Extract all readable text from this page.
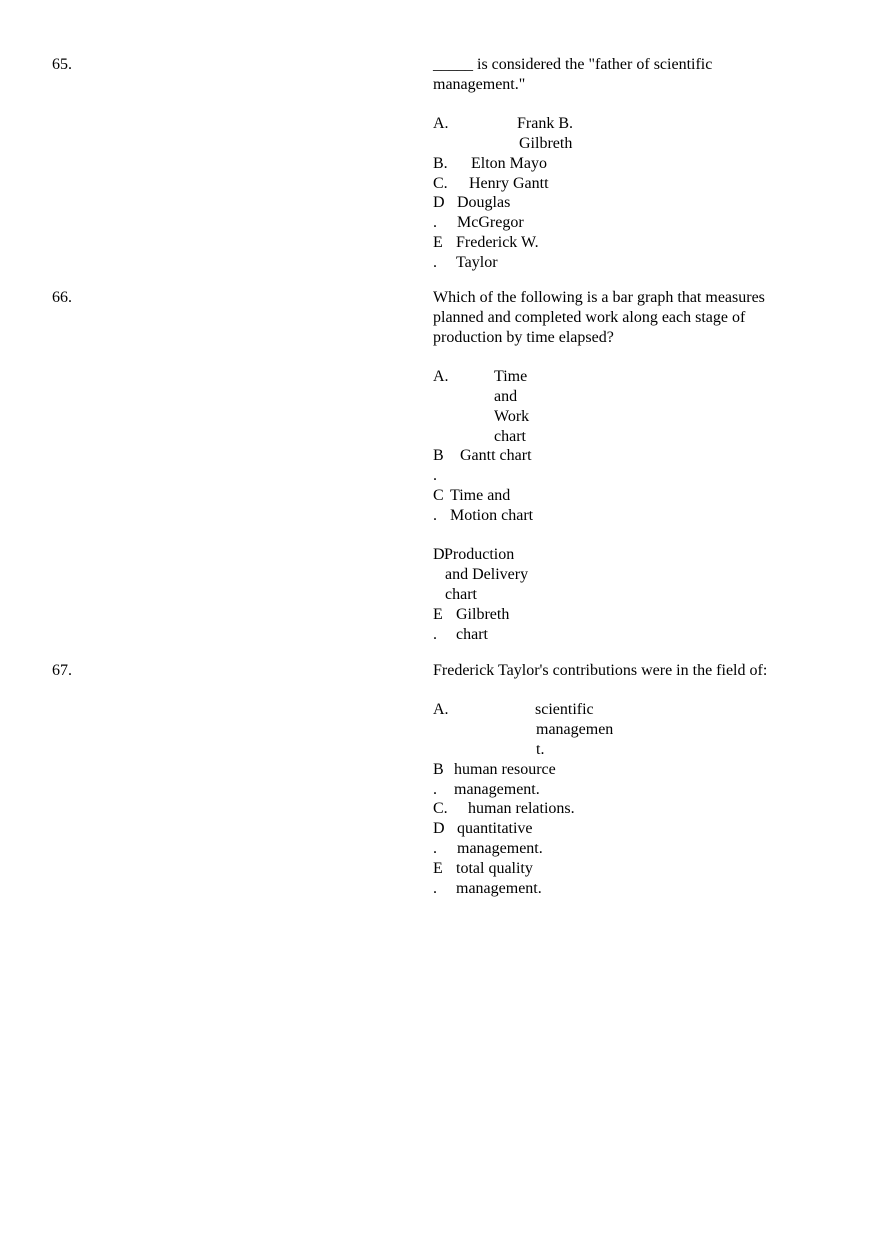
65.	_____ is considered the "father of scientific
management."
A.	Frank B.
Gilbreth
B. Elton Mayo
C. Henry Gantt
D
.
Douglas
McGregor
E
.
Frederick W.
Taylor
66.	Which of the following is a bar graph that measures
planned and completed work along each stage of
production by time elapsed?
A.	Time
and
Work
chart
B
.
Gantt chart
C
.
Time and
Motion chart
D Production
and Delivery
chart
E
.
Gilbreth
chart
67.	Frederick Taylor's contributions were in the field of:
A.	scientific
managemen
t.
B
.
human resource
management.
C. human relations.
D
.
quantitative
management.
E
.
total quality
management.
